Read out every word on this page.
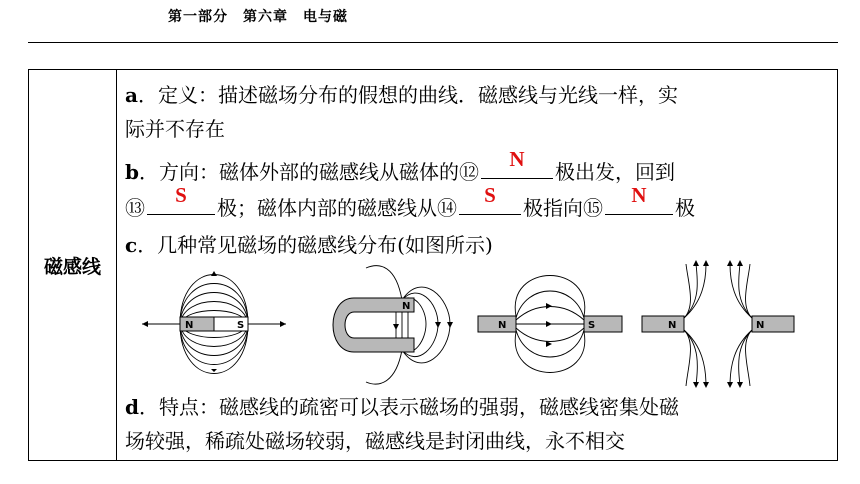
第一部分　第六章　电与磁
磁感线
a．定义：描述磁场分布的假想的曲线．磁感线与光线一样，实
际并不存在
b．方向：磁体外部的磁感线从磁体的⑫
N
极出发，回到
⑬
S
极；磁体内部的磁感线从⑭
S
极指向⑮
N
极
c．几种常见磁场的磁感线分布(如图所示)
d．特点：磁感线的疏密可以表示磁场的强弱，磁感线密集处磁
场较强，稀疏处磁场较弱，磁感线是封闭曲线，永不相交
N	S
N
N	S	N	N
